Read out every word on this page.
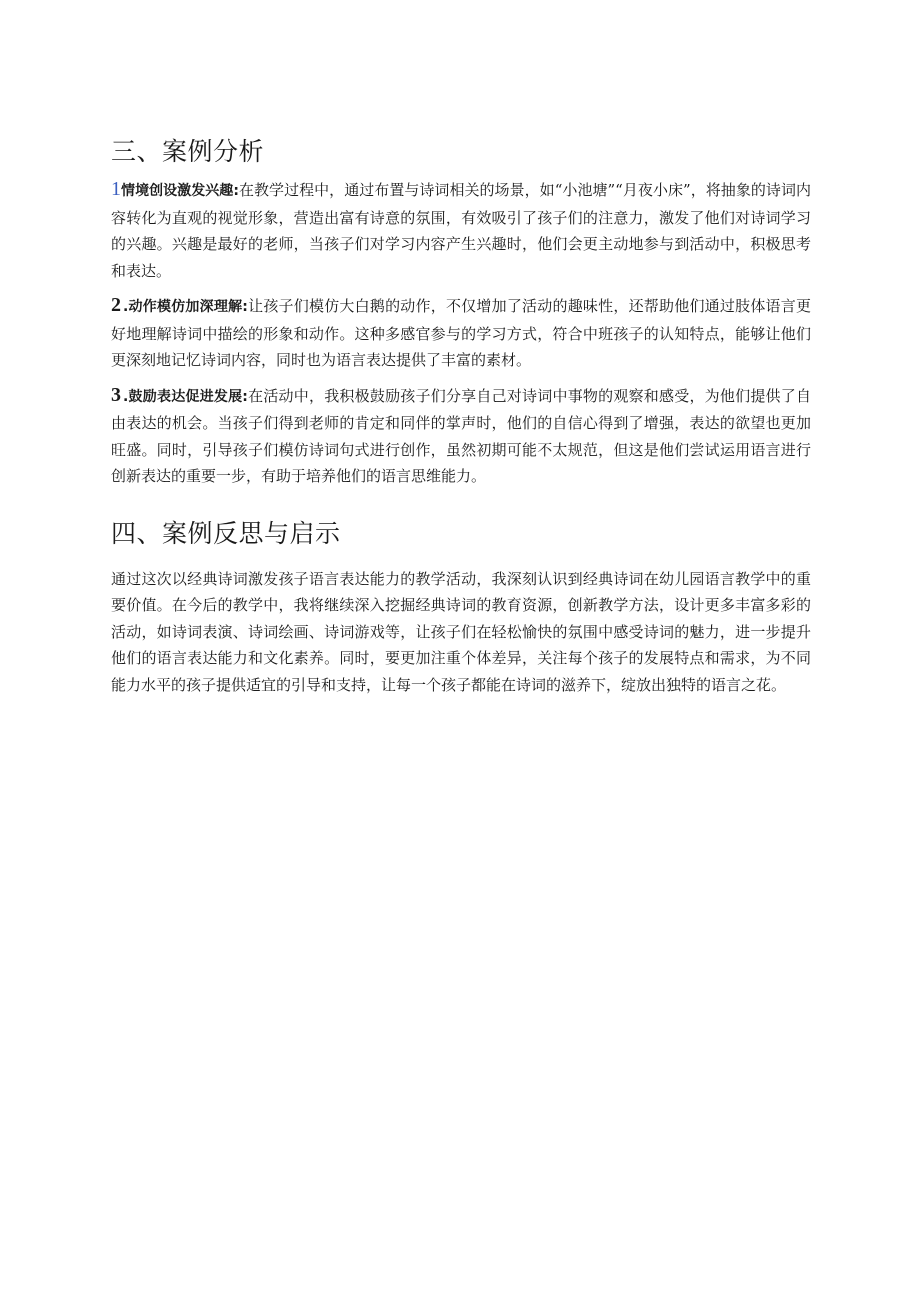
三、案例分析

1情境创设激发兴趣:在教学过程中，通过布置与诗词相关的场景，如“小池塘”“月夜小床”，将抽象的诗词内容转化为直观的视觉形象，营造出富有诗意的氛围，有效吸引了孩子们的注意力，激发了他们对诗词学习的兴趣。兴趣是最好的老师，当孩子们对学习内容产生兴趣时，他们会更主动地参与到活动中，积极思考和表达。

2 .动作模仿加深理解:让孩子们模仿大白鹅的动作，不仅增加了活动的趣味性，还帮助他们通过肢体语言更好地理解诗词中描绘的形象和动作。这种多感官参与的学习方式，符合中班孩子的认知特点，能够让他们更深刻地记忆诗词内容，同时也为语言表达提供了丰富的素材。

3 .鼓励表达促进发展:在活动中，我积极鼓励孩子们分享自己对诗词中事物的观察和感受，为他们提供了自由表达的机会。当孩子们得到老师的肯定和同伴的掌声时，他们的自信心得到了增强，表达的欲望也更加旺盛。同时，引导孩子们模仿诗词句式进行创作，虽然初期可能不太规范，但这是他们尝试运用语言进行创新表达的重要一步，有助于培养他们的语言思维能力。

四、案例反思与启示

通过这次以经典诗词激发孩子语言表达能力的教学活动，我深刻认识到经典诗词在幼儿园语言教学中的重要价值。在今后的教学中，我将继续深入挖掘经典诗词的教育资源，创新教学方法，设计更多丰富多彩的活动，如诗词表演、诗词绘画、诗词游戏等，让孩子们在轻松愉快的氛围中感受诗词的魅力，进一步提升他们的语言表达能力和文化素养。同时，要更加注重个体差异，关注每个孩子的发展特点和需求，为不同能力水平的孩子提供适宜的引导和支持，让每一个孩子都能在诗词的滋养下，绽放出独特的语言之花。
